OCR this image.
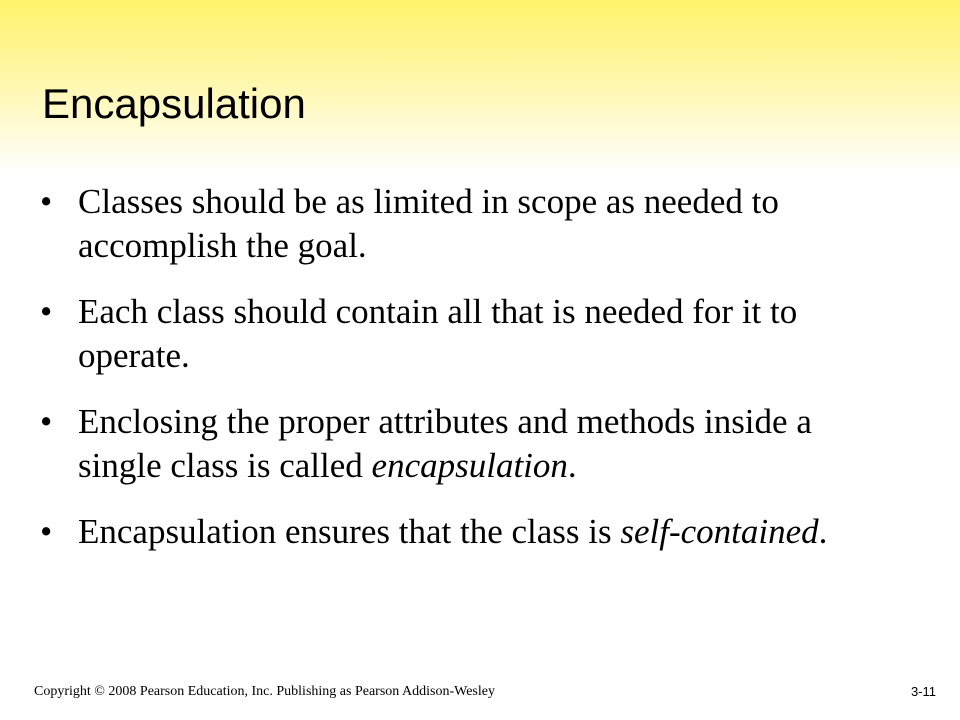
Encapsulation
• Classes should be as limited in scope as needed to accomplish the goal.
• Each class should contain all that is needed for it to operate.
• Enclosing the proper attributes and methods inside a single class is called encapsulation.
• Encapsulation ensures that the class is self-contained.
Copyright © 2008 Pearson Education, Inc. Publishing as Pearson Addison-Wesley	3-11
